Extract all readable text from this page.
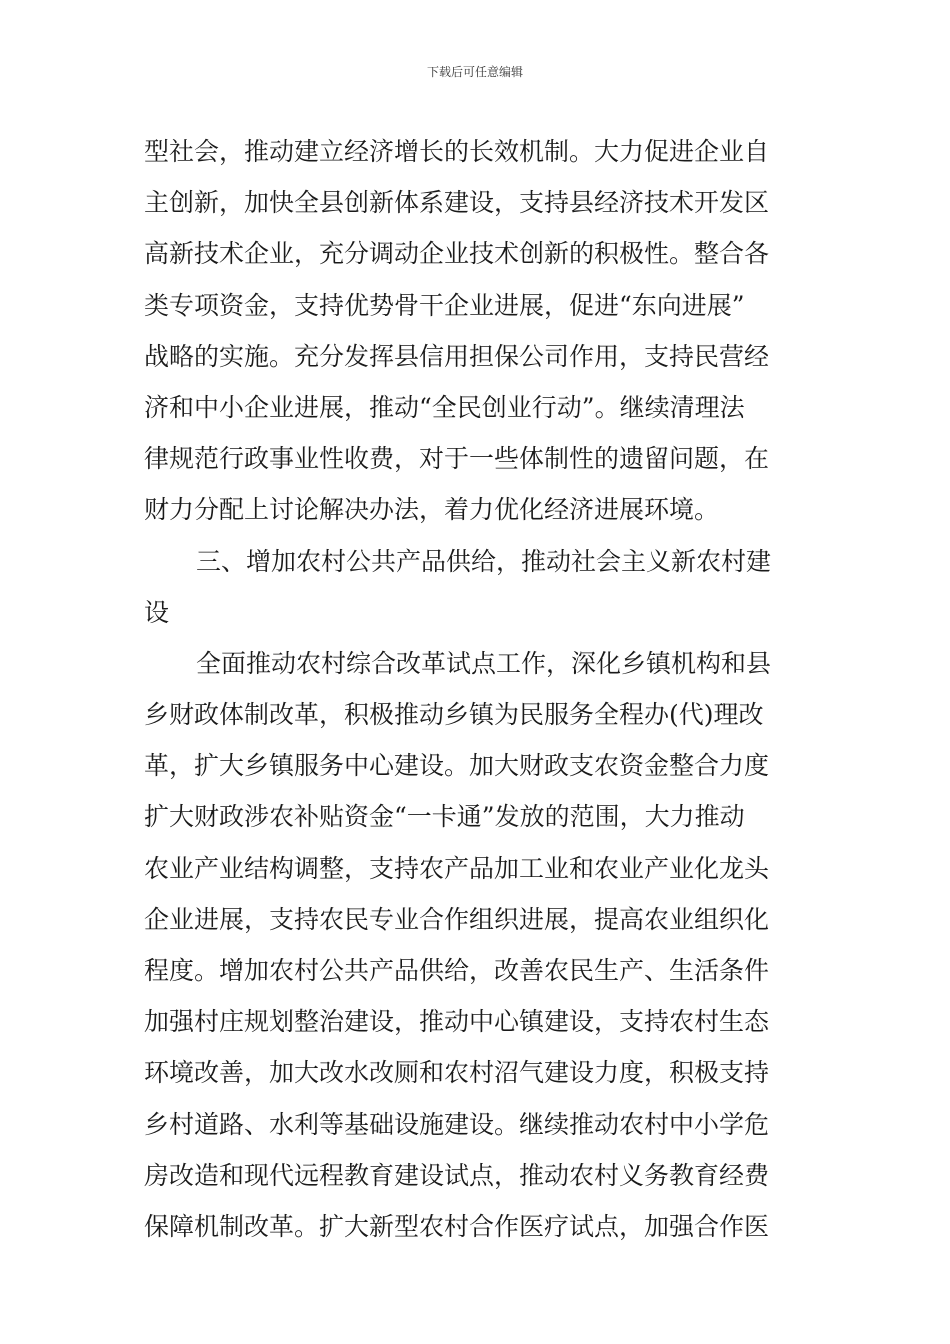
下载后可任意编辑
型社会，推动建立经济增长的长效机制。大力促进企业自
主创新，加快全县创新体系建设，支持县经济技术开发区
高新技术企业，充分调动企业技术创新的积极性。整合各
类专项资金，支持优势骨干企业进展，促进“东向进展”
战略的实施。充分发挥县信用担保公司作用，支持民营经
济和中小企业进展，推动“全民创业行动”。继续清理法
律规范行政事业性收费，对于一些体制性的遗留问题，在
财力分配上讨论解决办法，着力优化经济进展环境。
三、增加农村公共产品供给，推动社会主义新农村建
设
全面推动农村综合改革试点工作，深化乡镇机构和县
乡财政体制改革，积极推动乡镇为民服务全程办(代)理改
革，扩大乡镇服务中心建设。加大财政支农资金整合力度
扩大财政涉农补贴资金“一卡通”发放的范围，大力推动
农业产业结构调整，支持农产品加工业和农业产业化龙头
企业进展，支持农民专业合作组织进展，提高农业组织化
程度。增加农村公共产品供给，改善农民生产、生活条件
加强村庄规划整治建设，推动中心镇建设，支持农村生态
环境改善，加大改水改厕和农村沼气建设力度，积极支持
乡村道路、水利等基础设施建设。继续推动农村中小学危
房改造和现代远程教育建设试点，推动农村义务教育经费
保障机制改革。扩大新型农村合作医疗试点，加强合作医
